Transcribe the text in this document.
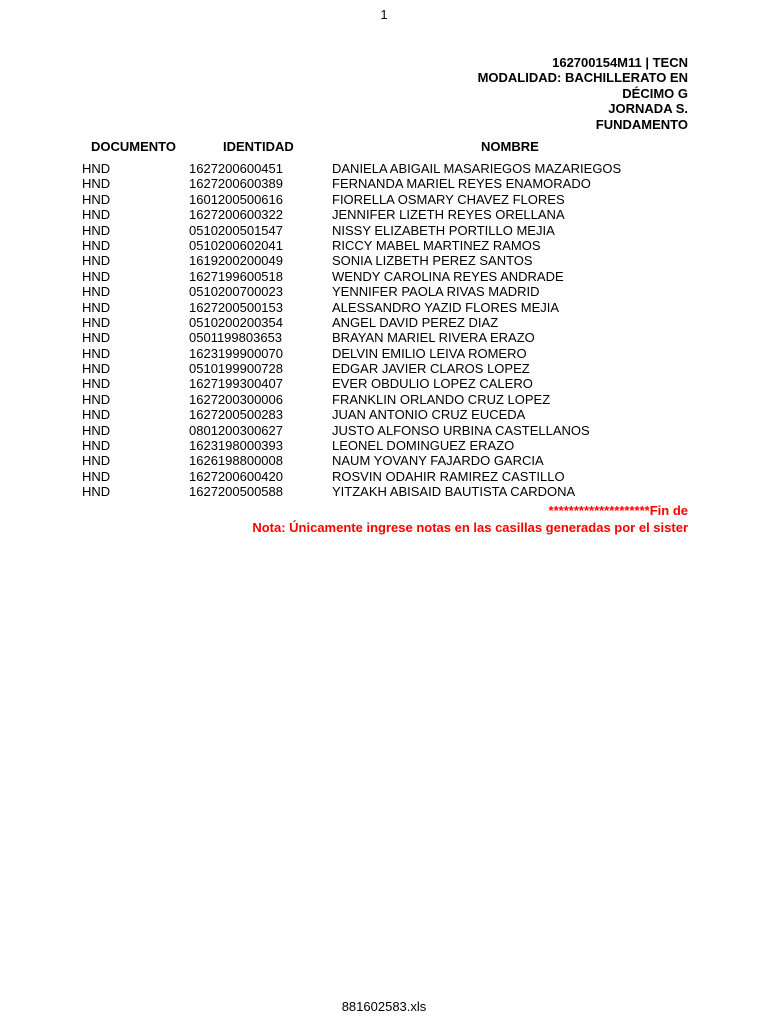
1
162700154M11 | TECN
MODALIDAD: BACHILLERATO EN
DÉCIMO G
JORNADA S.
FUNDAMENTO
DOCUMENTO	IDENTIDAD	NOMBRE
HND	1627200600451	DANIELA ABIGAIL MASARIEGOS MAZARIEGOS
HND	1627200600389	FERNANDA MARIEL REYES ENAMORADO
HND	1601200500616	FIORELLA OSMARY CHAVEZ FLORES
HND	1627200600322	JENNIFER LIZETH REYES ORELLANA
HND	0510200501547	NISSY ELIZABETH PORTILLO MEJIA
HND	0510200602041	RICCY MABEL MARTINEZ RAMOS
HND	1619200200049	SONIA LIZBETH PEREZ SANTOS
HND	1627199600518	WENDY CAROLINA REYES ANDRADE
HND	0510200700023	YENNIFER PAOLA RIVAS MADRID
HND	1627200500153	ALESSANDRO YAZID FLORES MEJIA
HND	0510200200354	ANGEL DAVID PEREZ DIAZ
HND	0501199803653	BRAYAN MARIEL RIVERA ERAZO
HND	1623199900070	DELVIN EMILIO LEIVA ROMERO
HND	0510199900728	EDGAR JAVIER CLAROS LOPEZ
HND	1627199300407	EVER OBDULIO LOPEZ CALERO
HND	1627200300006	FRANKLIN ORLANDO CRUZ LOPEZ
HND	1627200500283	JUAN ANTONIO CRUZ EUCEDA
HND	0801200300627	JUSTO ALFONSO URBINA CASTELLANOS
HND	1623198000393	LEONEL DOMINGUEZ ERAZO
HND	1626198800008	NAUM YOVANY FAJARDO GARCIA
HND	1627200600420	ROSVIN ODAHIR RAMIREZ CASTILLO
HND	1627200500588	YITZAKH ABISAID BAUTISTA CARDONA
********************Fin de
Nota: Únicamente ingrese notas en las casillas generadas por el sister
881602583.xls
